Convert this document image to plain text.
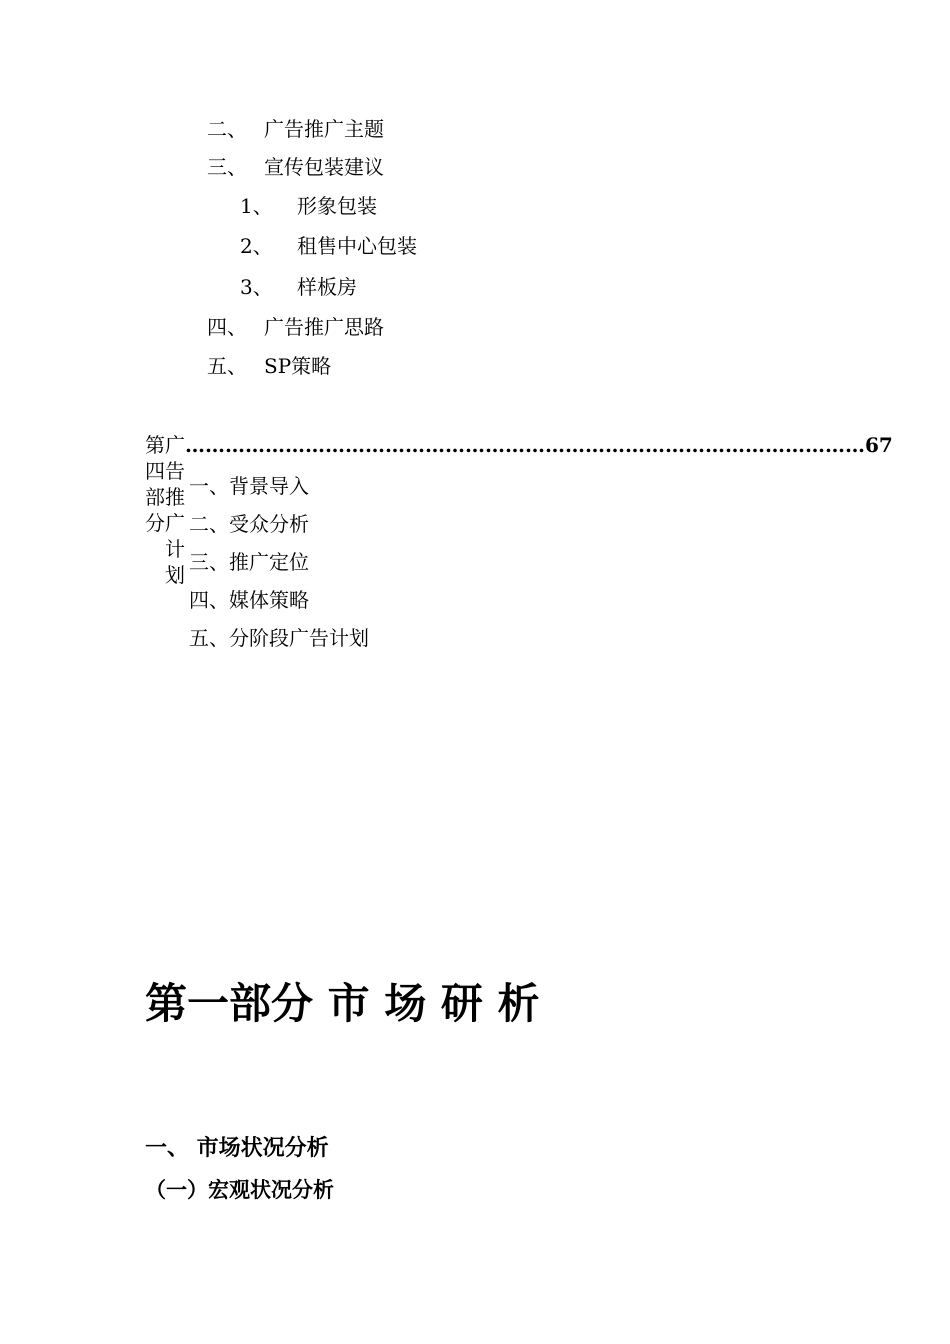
二、 广告推广主题
三、 宣传包装建议
1、 形象包装
2、 租售中心包装
3、 样板房
四、 广告推广思路
五、 SP策略
第四部分
广告推广计划
………………………………………………………………………………………… 67
一、背景导入
二、受众分析
三、推广定位
四、媒体策略
五、分阶段广告计划
第一部分 市 场 研 析
一、 市场状况分析
（一）宏观状况分析
